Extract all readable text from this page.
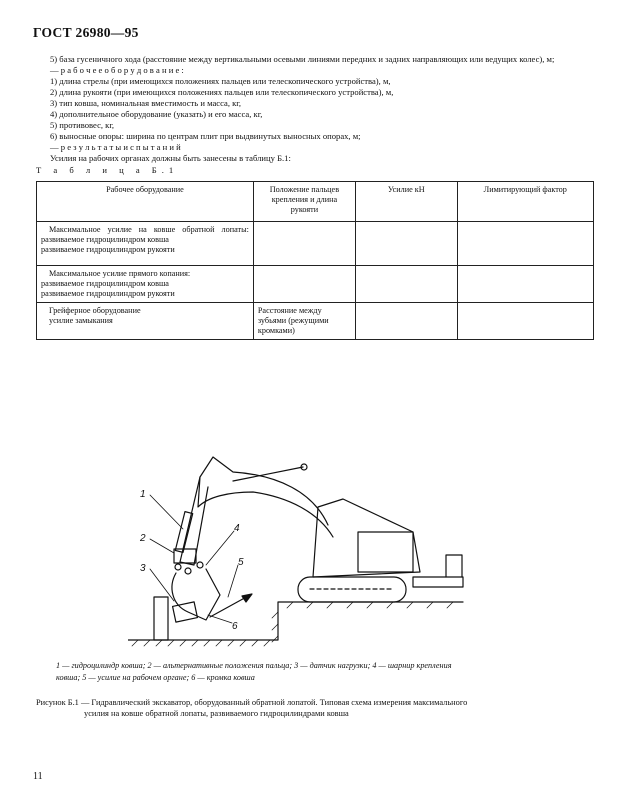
ГОСТ 26980—95
5) база гусеничного хода (расстояние между вертикальными осевыми линиями передних и задних направляющих или ведущих колес), м;
— р а б о ч е е о б о р у д о в а н и е :
1) длина стрелы (при имеющихся положениях пальцев или телескопического устройства), м,
2) длина рукояти (при имеющихся положениях пальцев или телескопического устройства), м,
3) тип ковша, номинальная вместимость и масса, кг,
4) дополнительное оборудование (указать) и его масса, кг,
5) противовес, кг,
6) выносные опоры: ширина по центрам плит при выдвинутых выносных опорах, м;
— р е з у л ь т а т ы и с п ы т а н и й
Усилия на рабочих органах должны быть занесены в таблицу Б.1:
Т а б л и ц а Б.1
Рабочее оборудование	Положение пальцев крепления и длина рукояти	Усилие кН	Лимитирующий фактор

Максимальное усилие на ковше обратной лопаты:
развиваемое гидроцилиндром ковша
развиваемое гидроцилиндром рукояти			

Максимальное усилие прямого копания:
развиваемое гидроцилиндром ковша
развиваемое гидроцилиндром рукояти			

Грейферное оборудование
усилие замыкания	Расстояние между зубьями (режущими кромками)		
1
2
3
4
5
6
1 — гидроцилиндр ковша; 2 — альтернативные положения пальца; 3 — датчик нагрузки; 4 — шарнир крепления
ковша; 5 — усилие на рабочем органе; 6 — кромка ковша
Рисунок Б.1 — Гидравлический экскаватор, оборудованный обратной лопатой. Типовая схема измерения максимального
усилия на ковше обратной лопаты, развиваемого гидроцилиндрами ковша
11
